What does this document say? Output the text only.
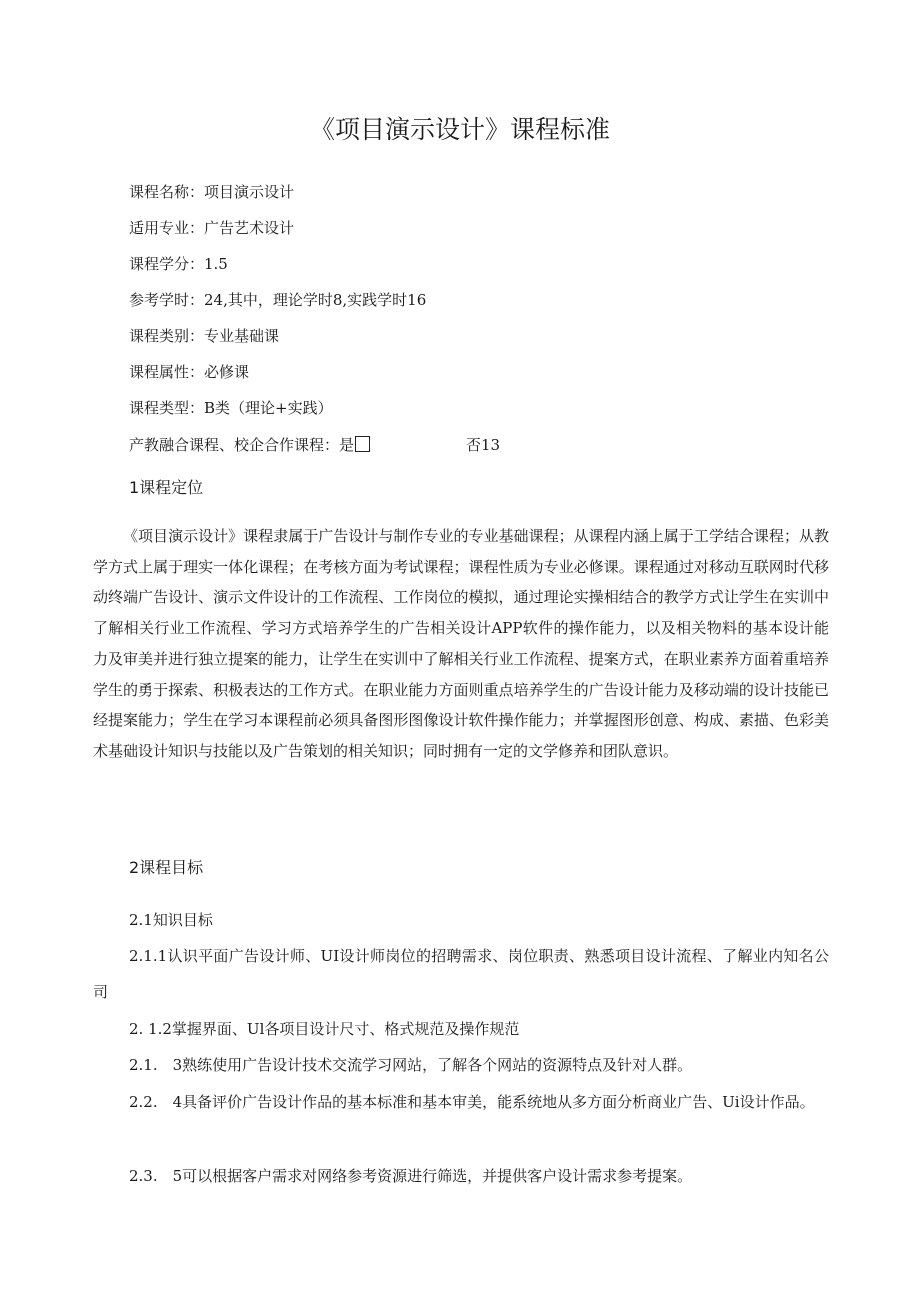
《项目演示设计》课程标准
课程名称：项目演示设计
适用专业：广告艺术设计
课程学分：1.5
参考学时：24,其中，理论学时8,实践学时16
课程类别：专业基础课
课程属性：必修课
课程类型：B类（理论+实践）
产教融合课程、校企合作课程：是	否13
1课程定位
《项目演示设计》课程隶属于广告设计与制作专业的专业基础课程；从课程内涵上属于工学结合课程；从教学方式上属于理实一体化课程；在考核方面为考试课程；课程性质为专业必修课。课程通过对移动互联网时代移动终端广告设计、演示文件设计的工作流程、工作岗位的模拟，通过理论实操相结合的教学方式让学生在实训中了解相关行业工作流程、学习方式培养学生的广告相关设计APP软件的操作能力，以及相关物料的基本设计能力及审美并进行独立提案的能力，让学生在实训中了解相关行业工作流程、提案方式，在职业素养方面着重培养学生的勇于探索、积极表达的工作方式。在职业能力方面则重点培养学生的广告设计能力及移动端的设计技能已经提案能力；学生在学习本课程前必须具备图形图像设计软件操作能力；并掌握图形创意、构成、素描、色彩美术基础设计知识与技能以及广告策划的相关知识；同时拥有一定的文学修养和团队意识。
2课程目标
2.1知识目标
2.1.1认识平面广告设计师、UI设计师岗位的招聘需求、岗位职责、熟悉项目设计流程、了解业内知名公司
2. 1.2掌握界面、Ul各项目设计尺寸、格式规范及操作规范
2.1.　3熟练使用广告设计技术交流学习网站，了解各个网站的资源特点及针对人群。
2.2.　4具备评价广告设计作品的基本标准和基本审美，能系统地从多方面分析商业广告、Ui设计作品。
2.3.　5可以根据客户需求对网络参考资源进行筛选，并提供客户设计需求参考提案。
